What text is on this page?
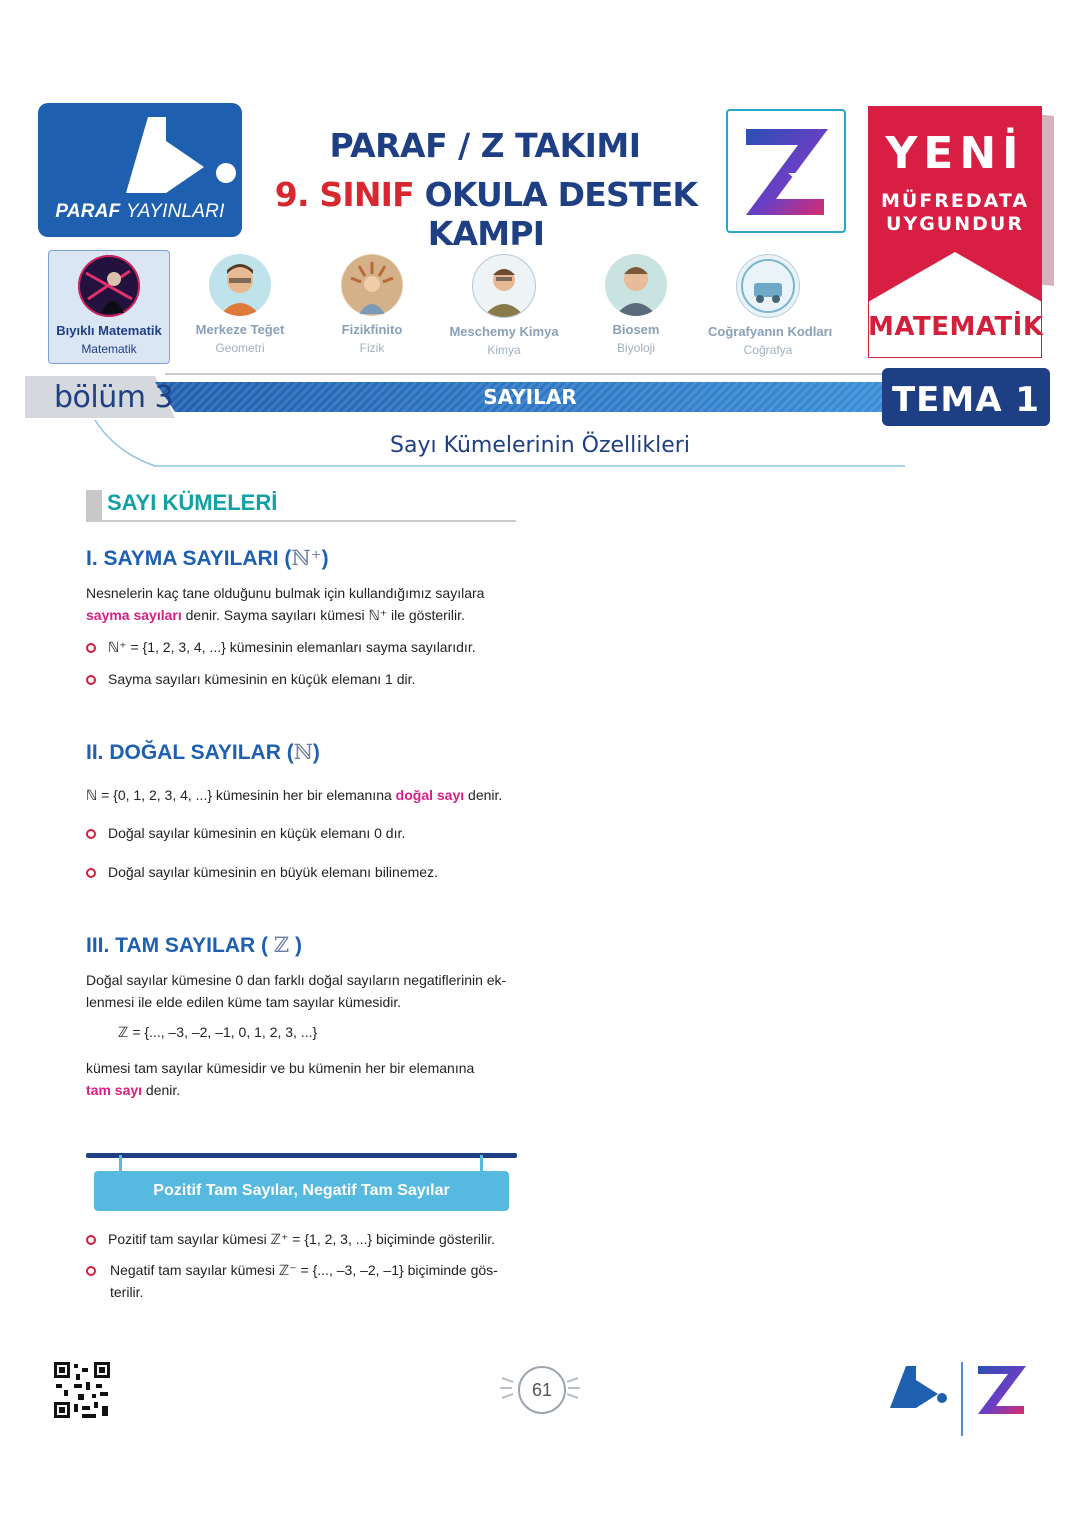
PARAF YAYINLARI
PARAF / Z TAKIMI
9. SINIF OKULA DESTEK KAMPI
YENİ
MÜFREDATA
UYGUNDUR
MATEMATİK
Bıyıklı Matematik
Matematik
Merkeze Teğet
Geometri
Fizikfinito
Fizik
Meschemy Kimya
Kimya
Biosem
Biyoloji
Coğrafyanın Kodları
Coğrafya
bölüm 3	SAYILAR	TEMA 1
Sayı Kümelerinin Özellikleri
SAYI KÜMELERİ
I. SAYMA SAYILARI (ℕ⁺)
Nesnelerin kaç tane olduğunu bulmak için kullandığımız sayılara
sayma sayıları denir. Sayma sayıları kümesi ℕ⁺ ile gösterilir.
ℕ⁺ = {1, 2, 3, 4, ...} kümesinin elemanları sayma sayılarıdır.
Sayma sayıları kümesinin en küçük elemanı 1 dir.
II. DOĞAL SAYILAR (ℕ)
ℕ = {0, 1, 2, 3, 4, ...} kümesinin her bir elemanına doğal sayı denir.
Doğal sayılar kümesinin en küçük elemanı 0 dır.
Doğal sayılar kümesinin en büyük elemanı bilinemez.
III. TAM SAYILAR ( ℤ )
Doğal sayılar kümesine 0 dan farklı doğal sayıların negatiflerinin ek-
lenmesi ile elde edilen küme tam sayılar kümesidir.
ℤ = {..., –3, –2, –1, 0, 1, 2, 3, ...}
kümesi tam sayılar kümesidir ve bu kümenin her bir elemanına
tam sayı denir.
Pozitif Tam Sayılar, Negatif Tam Sayılar
Pozitif tam sayılar kümesi ℤ⁺ = {1, 2, 3, ...} biçiminde gösterilir.
Negatif tam sayılar kümesi ℤ⁻ = {..., –3, –2, –1} biçiminde gös-
terilir.
61
